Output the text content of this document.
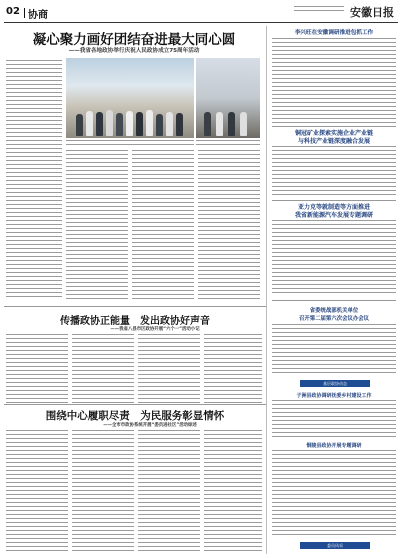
02 协商	安徽日报
凝心聚力画好团结奋进最大同心圆
——我省各地政协举行庆祝人民政协成立75周年活动
传播政协正能量　发出政协好声音
——我省八县市区政协开展“六个一”活动小记
围绕中心履职尽责　为民服务彰显情怀
——全市市政协系统开展“委员进社区”活动综述
李兴旺在安徽调研推进包抓工作
铜冠矿业探索实施企业产业链
与科技产业链深度融合发展
亚力克等就制造等方面推进
我省新能源汽车发展专题调研
省委统战部机关单位
召开第二届第六次会议办会议
基层政协动态
子洲县政协调研抚委乡村建设工作
铜陵县政协开展专题调研
委员风采
